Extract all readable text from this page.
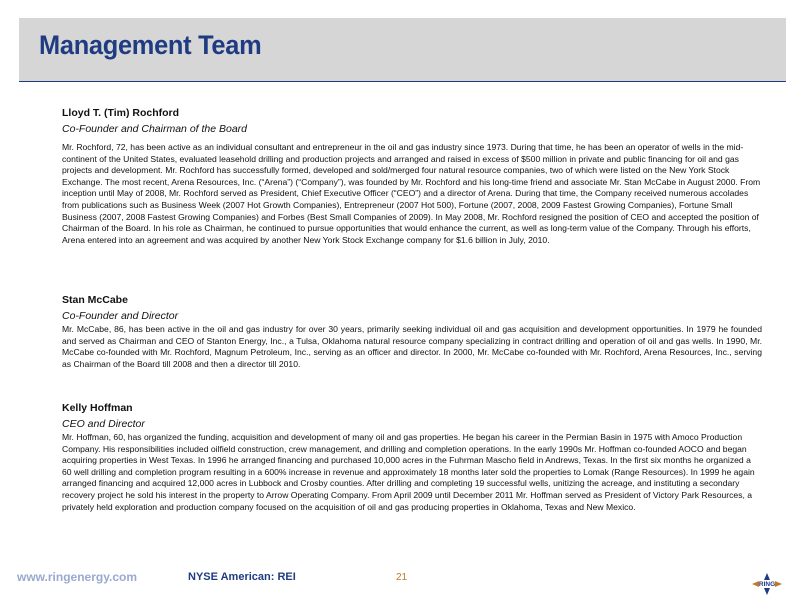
Management Team
Lloyd T. (Tim) Rochford
Co-Founder and Chairman of the Board
Mr. Rochford, 72, has been active as an individual consultant and entrepreneur in the oil and gas industry since 1973. During that time, he has been an operator of wells in the mid-continent of the United States, evaluated leasehold drilling and production projects and arranged and raised in excess of $500 million in private and public financing for oil and gas projects and development. Mr. Rochford has successfully formed, developed and sold/merged four natural resource companies, two of which were listed on the New York Stock Exchange. The most recent, Arena Resources, Inc. (“Arena”) (“Company”), was founded by Mr. Rochford and his long-time friend and associate Mr. Stan McCabe in August 2000. From inception until May of 2008, Mr. Rochford served as President, Chief Executive Officer (“CEO”) and a director of Arena. During that time, the Company received numerous accolades from publications such as Business Week (2007 Hot Growth Companies), Entrepreneur (2007 Hot 500), Fortune (2007, 2008, 2009 Fastest Growing Companies), Fortune Small Business (2007, 2008 Fastest Growing Companies) and Forbes (Best Small Companies of 2009). In May 2008, Mr. Rochford resigned the position of CEO and accepted the position of Chairman of the Board. In his role as Chairman, he continued to pursue opportunities that would enhance the current, as well as long-term value of the Company. Through his efforts, Arena entered into an agreement and was acquired by another New York Stock Exchange company for $1.6 billion in July, 2010.
Stan McCabe
Co-Founder and Director
Mr. McCabe, 86, has been active in the oil and gas industry for over 30 years, primarily seeking individual oil and gas acquisition and development opportunities. In 1979 he founded and served as Chairman and CEO of Stanton Energy, Inc., a Tulsa, Oklahoma natural resource company specializing in contract drilling and operation of oil and gas wells. In 1990, Mr. McCabe co-founded with Mr. Rochford, Magnum Petroleum, Inc., serving as an officer and director. In 2000, Mr. McCabe co-founded with Mr. Rochford, Arena Resources, Inc., serving as Chairman of the Board till 2008 and then a director till 2010.
Kelly Hoffman
CEO and Director
Mr. Hoffman, 60, has organized the funding, acquisition and development of many oil and gas properties. He began his career in the Permian Basin in 1975 with Amoco Production Company. His responsibilities included oilfield construction, crew management, and drilling and completion operations. In the early 1990s Mr. Hoffman co-founded AOCO and began acquiring properties in West Texas. In 1996 he arranged financing and purchased 10,000 acres in the Fuhrman Mascho field in Andrews, Texas. In the first six months he organized a 60 well drilling and completion program resulting in a 600% increase in revenue and approximately 18 months later sold the properties to Lomak (Range Resources). In 1999 he again arranged financing and acquired 12,000 acres in Lubbock and Crosby counties. After drilling and completing 19 successful wells, unitizing the acreage, and instituting a secondary recovery project he sold his interest in the property to Arrow Operating Company. From April 2009 until December 2011 Mr. Hoffman served as President of Victory Park Resources, a privately held exploration and production company focused on the acquisition of oil and gas producing properties in Oklahoma, Texas and New Mexico.
www.ringenergy.com	NYSE American: REI	21
RING
